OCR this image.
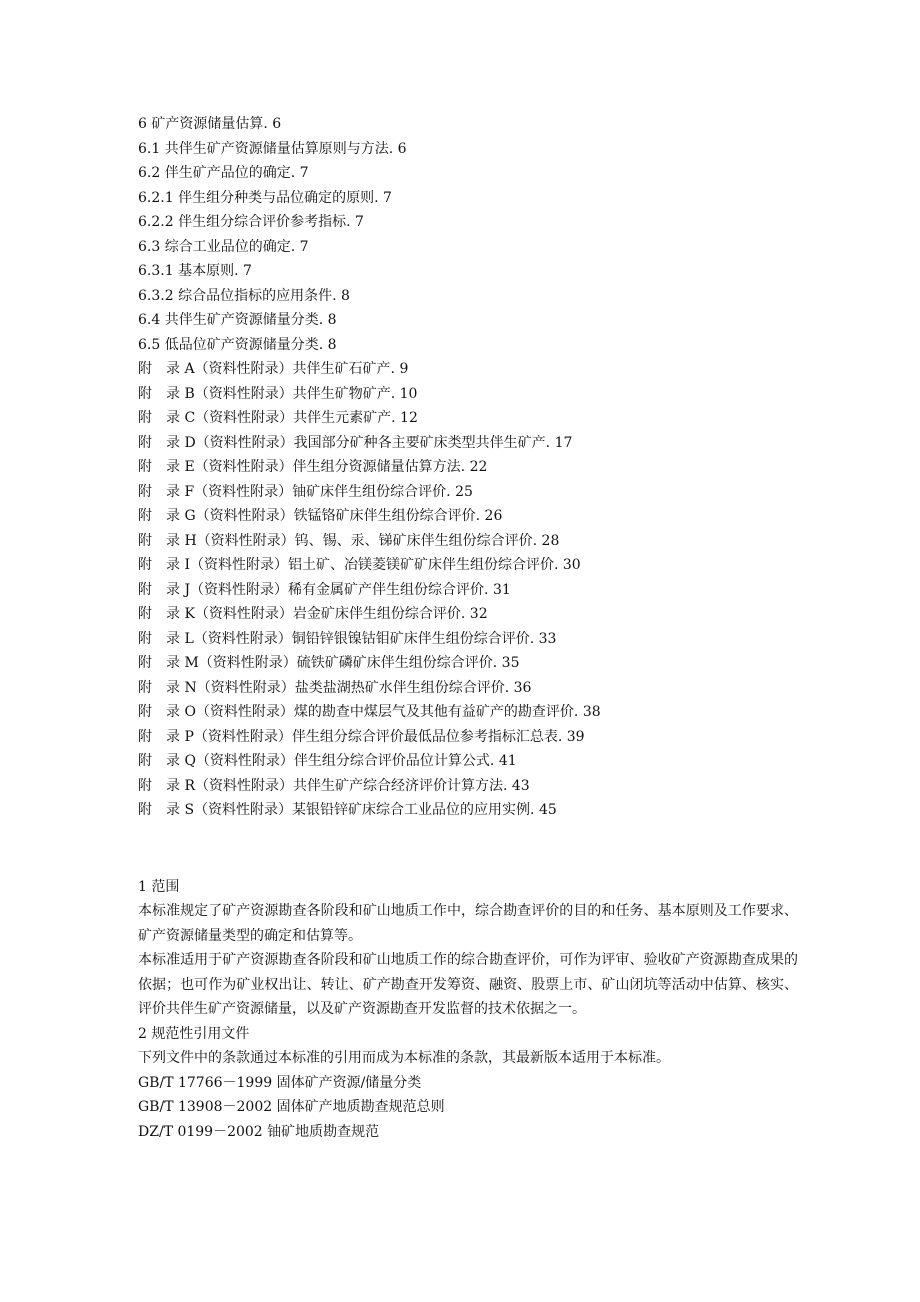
6 矿产资源储量估算. 6
6.1 共伴生矿产资源储量估算原则与方法. 6
6.2 伴生矿产品位的确定. 7
6.2.1 伴生组分种类与品位确定的原则. 7
6.2.2 伴生组分综合评价参考指标. 7
6.3 综合工业品位的确定. 7
6.3.1 基本原则. 7
6.3.2 综合品位指标的应用条件. 8
6.4 共伴生矿产资源储量分类. 8
6.5 低品位矿产资源储量分类. 8
附　录 A（资料性附录）共伴生矿石矿产. 9
附　录 B（资料性附录）共伴生矿物矿产. 10
附　录 C（资料性附录）共伴生元素矿产. 12
附　录 D（资料性附录）我国部分矿种各主要矿床类型共伴生矿产. 17
附　录 E（资料性附录）伴生组分资源储量估算方法. 22
附　录 F（资料性附录）铀矿床伴生组份综合评价. 25
附　录 G（资料性附录）铁锰铬矿床伴生组份综合评价. 26
附　录 H（资料性附录）钨、锡、汞、锑矿床伴生组份综合评价. 28
附　录 I（资料性附录）铝土矿、冶镁菱镁矿矿床伴生组份综合评价. 30
附　录 J（资料性附录）稀有金属矿产伴生组份综合评价. 31
附　录 K（资料性附录）岩金矿床伴生组份综合评价. 32
附　录 L（资料性附录）铜铅锌银镍钴钼矿床伴生组份综合评价. 33
附　录 M（资料性附录）硫铁矿磷矿床伴生组份综合评价. 35
附　录 N（资料性附录）盐类盐湖热矿水伴生组份综合评价. 36
附　录 O（资料性附录）煤的勘查中煤层气及其他有益矿产的勘查评价. 38
附　录 P（资料性附录）伴生组分综合评价最低品位参考指标汇总表. 39
附　录 Q（资料性附录）伴生组分综合评价品位计算公式. 41
附　录 R（资料性附录）共伴生矿产综合经济评价计算方法. 43
附　录 S（资料性附录）某银铅锌矿床综合工业品位的应用实例. 45

1 范围

本标准规定了矿产资源勘查各阶段和矿山地质工作中，综合勘查评价的目的和任务、基本原则及工作要求、矿产资源储量类型的确定和估算等。

本标准适用于矿产资源勘查各阶段和矿山地质工作的综合勘查评价，可作为评审、验收矿产资源勘查成果的依据；也可作为矿业权出让、转让、矿产勘查开发筹资、融资、股票上市、矿山闭坑等活动中估算、核实、评价共伴生矿产资源储量，以及矿产资源勘查开发监督的技术依据之一。

2 规范性引用文件

下列文件中的条款通过本标准的引用而成为本标准的条款，其最新版本适用于本标准。

GB/T 17766－1999 固体矿产资源/储量分类

GB/T 13908－2002 固体矿产地质勘查规范总则

DZ/T 0199－2002 铀矿地质勘查规范
